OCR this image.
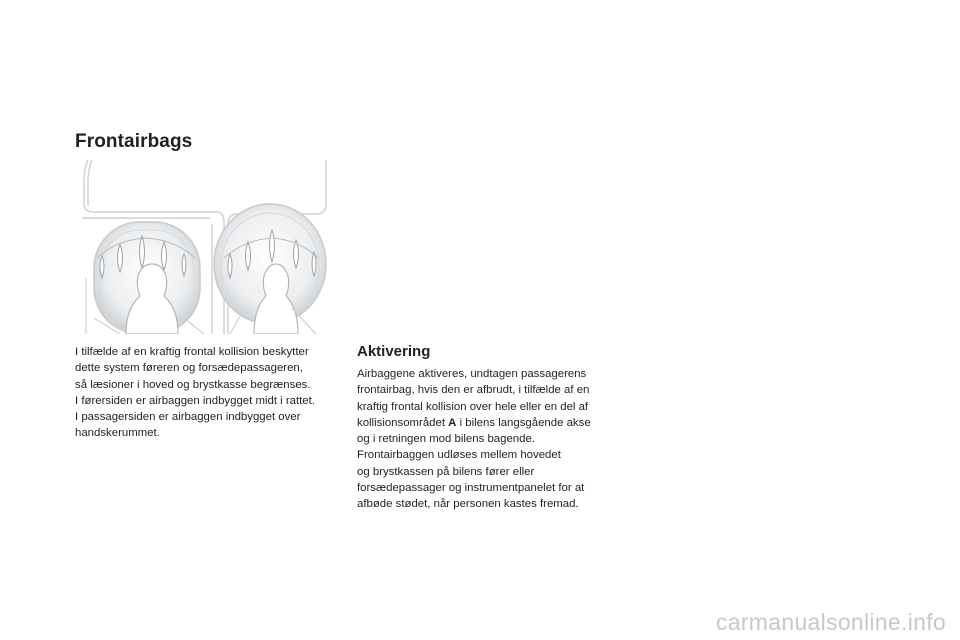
Frontairbags

I tilfælde af en kraftig frontal kollision beskytter
dette system føreren og forsædepassageren,
så læsioner i hoved og brystkasse begrænses.
I førersiden er airbaggen indbygget midt i rattet.
I passagersiden er airbaggen indbygget over
handskerummet.

Aktivering

Airbaggene aktiveres, undtagen passagerens
frontairbag, hvis den er afbrudt, i tilfælde af en
kraftig frontal kollision over hele eller en del af
kollisionsområdet A i bilens langsgående akse
og i retningen mod bilens bagende.
Frontairbaggen udløses mellem hovedet
og brystkassen på bilens fører eller
forsædepassager og instrumentpanelet for at
afbøde stødet, når personen kastes fremad.

carmanualsonline.info
